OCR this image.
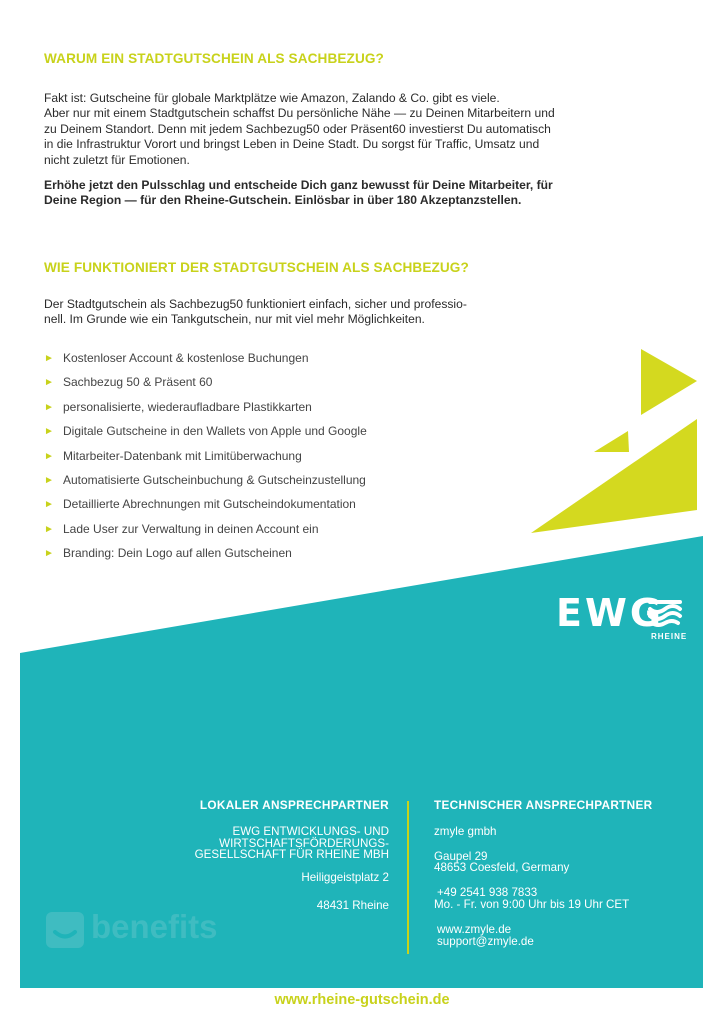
WARUM EIN STADTGUTSCHEIN ALS SACHBEZUG?
Fakt ist: Gutscheine für globale Marktplätze wie Amazon, Zalando & Co. gibt es viele.
Aber nur mit einem Stadtgutschein schaffst Du persönliche Nähe — zu Deinen Mitarbeitern und
zu Deinem Standort. Denn mit jedem Sachbezug50 oder Präsent60 investierst Du automatisch
in die Infrastruktur Vorort und bringst Leben in Deine Stadt. Du sorgst für Traffic, Umsatz und
nicht zuletzt für Emotionen.
Erhöhe jetzt den Pulsschlag und entscheide Dich ganz bewusst für Deine Mitarbeiter, für
Deine Region — für den Rheine-Gutschein. Einlösbar in über 180 Akzeptanzstellen.
WIE FUNKTIONIERT DER STADTGUTSCHEIN ALS SACHBEZUG?
Der Stadtgutschein als Sachbezug50 funktioniert einfach, sicher und professio-
nell. Im Grunde wie ein Tankgutschein, nur mit viel mehr Möglichkeiten.
► Kostenloser Account & kostenlose Buchungen
► Sachbezug 50 & Präsent 60
► personalisierte, wiederaufladbare Plastikkarten
► Digitale Gutscheine in den Wallets von Apple und Google
► Mitarbeiter-Datenbank mit Limitüberwachung
► Automatisierte Gutscheinbuchung & Gutscheinzustellung
► Detaillierte Abrechnungen mit Gutscheindokumentation
► Lade User zur Verwaltung in deinen Account ein
► Branding: Dein Logo auf allen Gutscheinen
EWG
RHEINE
LOKALER ANSPRECHPARTNER
EWG ENTWICKLUNGS- UND
WIRTSCHAFTSFÖRDERUNGS-
GESELLSCHAFT FÜR RHEINE MBH
Heiliggeistplatz 2
48431 Rheine
TECHNISCHER ANSPRECHPARTNER
zmyle gmbh
Gaupel 29
48653 Coesfeld, Germany
+49 2541 938 7833
Mo. - Fr. von 9:00 Uhr bis 19 Uhr CET
www.zmyle.de
support@zmyle.de
benefits
www.rheine-gutschein.de
